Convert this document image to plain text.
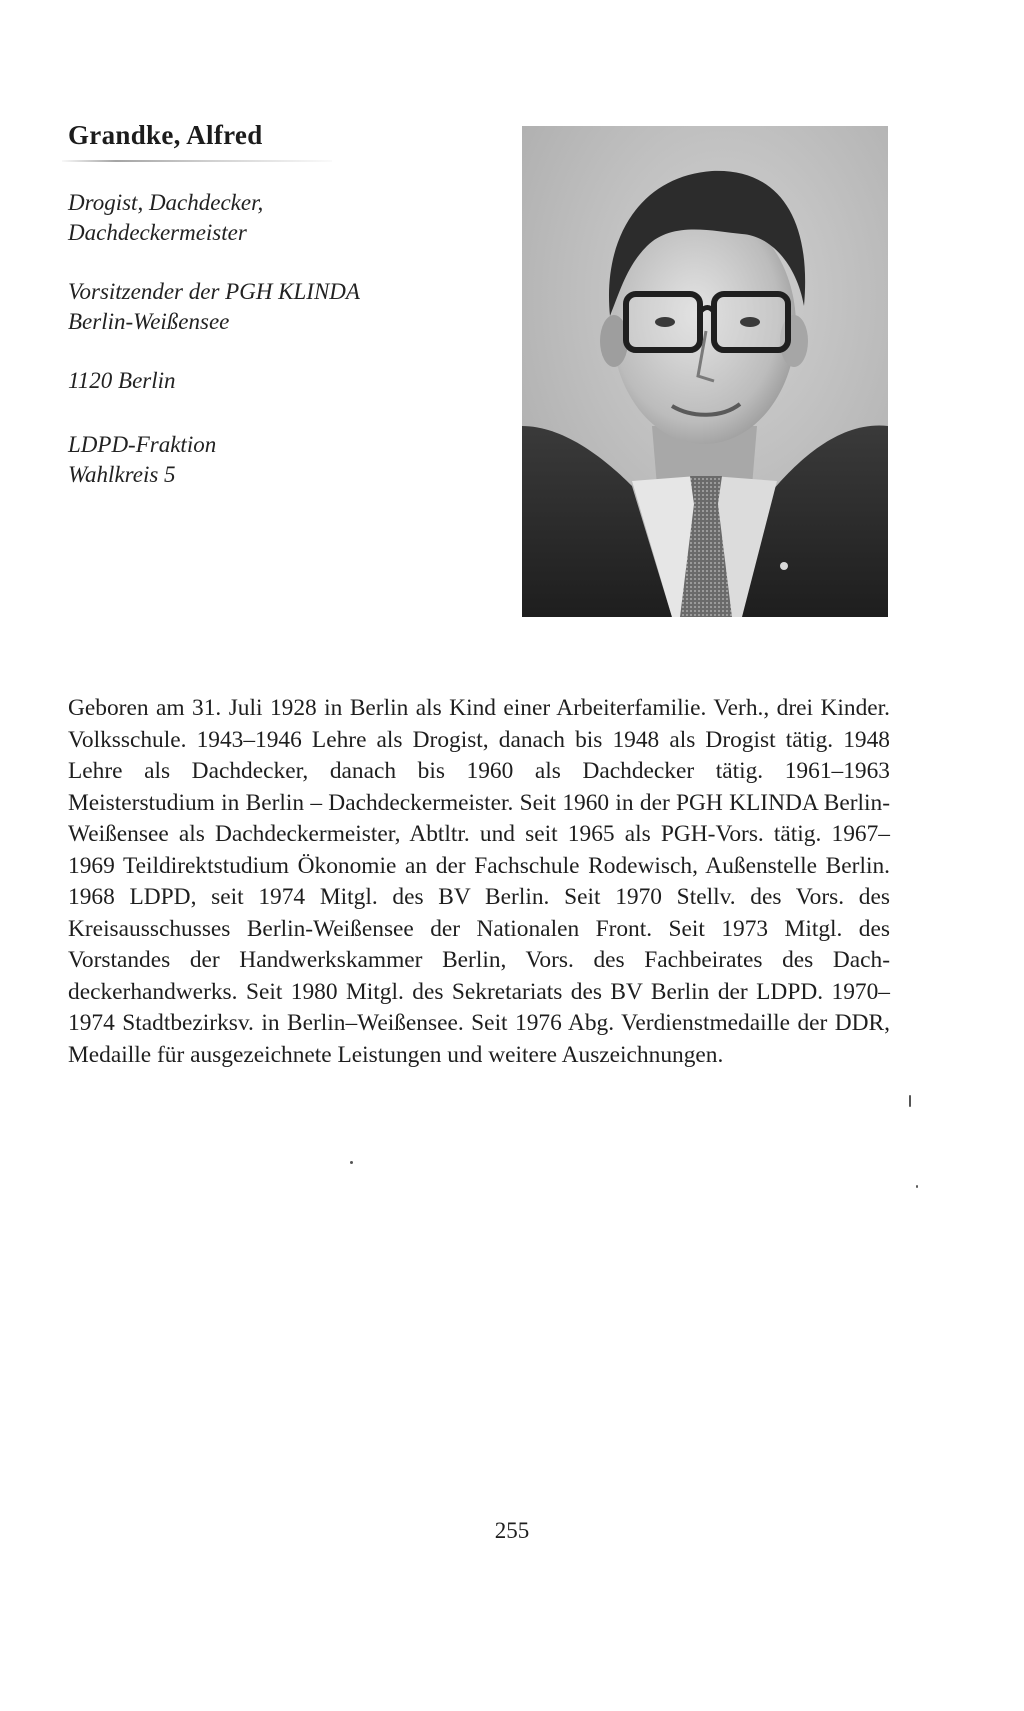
Grandke, Alfred
Drogist, Dachdecker,
Dachdeckermeister
Vorsitzender der PGH KLINDA
Berlin-Weißensee
1120 Berlin
LDPD-Fraktion
Wahlkreis 5

Geboren am 31. Juli 1928 in Berlin als Kind einer Arbeiterfamilie. Verh., drei Kinder. Volksschule. 1943–1946 Lehre als Drogist, danach bis 1948 als Drogist tätig. 1948 Lehre als Dachdecker, danach bis 1960 als Dachdecker tätig. 1961–1963 Meisterstudium in Berlin – Dachdeckermeister. Seit 1960 in der PGH KLINDA Berlin-Weißensee als Dachdeckermeister, Abtltr. und seit 1965 als PGH-Vors. tätig. 1967–1969 Teildirektstudium Ökonomie an der Fachschule Rodewisch, Außenstelle Berlin. 1968 LDPD, seit 1974 Mitgl. des BV Berlin. Seit 1970 Stellv. des Vors. des Kreisausschusses Berlin-Weißensee der Nationalen Front. Seit 1973 Mitgl. des Vorstandes der Handwerkskammer Berlin, Vors. des Fachbeirates des Dachdeckerhandwerks. Seit 1980 Mitgl. des Sekretariats des BV Berlin der LDPD. 1970–1974 Stadtbezirksv. in Berlin–Weißensee. Seit 1976 Abg. Verdienstmedaille der DDR, Medaille für ausgezeichnete Leistungen und weitere Auszeichnungen.

255
